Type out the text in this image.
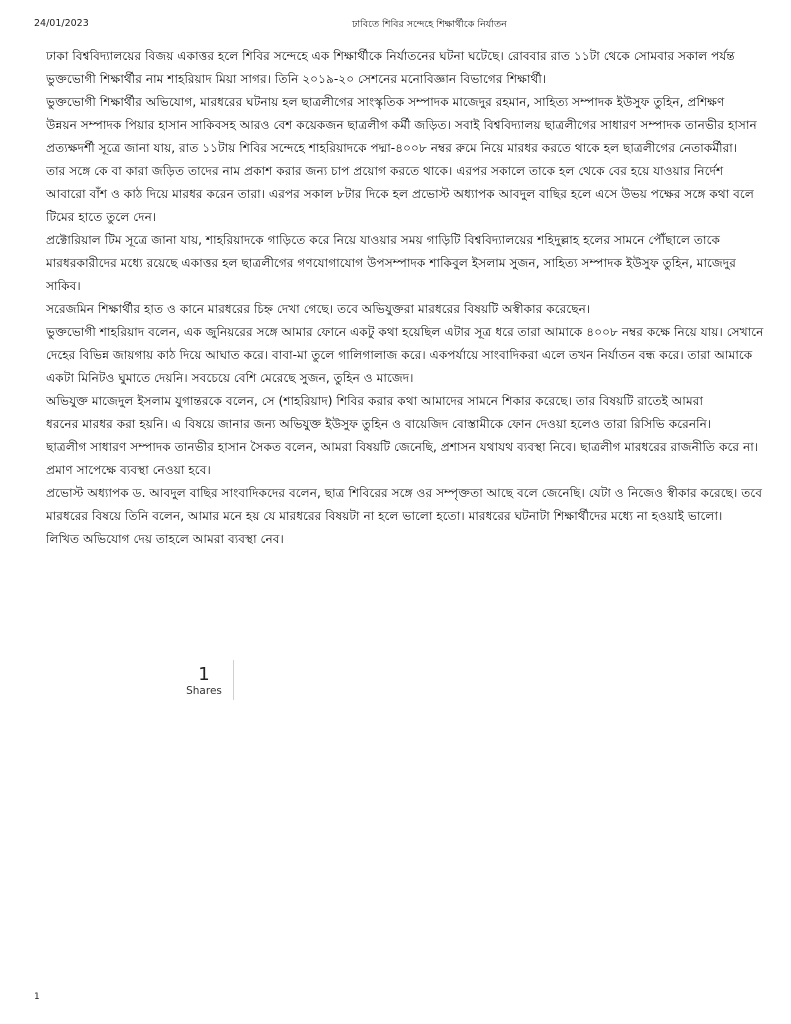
24/01/2023	ঢাবিতে শিবির সন্দেহে শিক্ষার্থীকে নির্যাতন

ঢাকা বিশ্ববিদ্যালয়ের বিজয় একাত্তর হলে শিবির সন্দেহে এক শিক্ষার্থীকে নির্যাতনের ঘটনা ঘটেছে। রোববার রাত ১১টা থেকে সোমবার সকাল পর্যন্ত
ভুক্তভোগী শিক্ষার্থীর নাম শাহরিয়াদ মিয়া সাগর। তিনি ২০১৯-২০ সেশনের মনোবিজ্ঞান বিভাগের শিক্ষার্থী।

ভুক্তভোগী শিক্ষার্থীর অভিযোগ, মারধরের ঘটনায় হল ছাত্রলীগের সাংস্কৃতিক সম্পাদক মাজেদুর রহমান, সাহিত্য সম্পাদক ইউসুফ তুহিন, প্রশিক্ষণ
উন্নয়ন সম্পাদক পিয়ার হাসান সাকিবসহ আরও বেশ কয়েকজন ছাত্রলীগ কর্মী জড়িত। সবাই বিশ্ববিদ্যালয় ছাত্রলীগের সাধারণ সম্পাদক তানভীর হাসান
প্রত্যক্ষদর্শী সূত্রে জানা যায়, রাত ১১টায় শিবির সন্দেহে শাহরিয়াদকে পদ্মা-৪০০৮ নম্বর রুমে নিয়ে মারধর করতে থাকে হল ছাত্রলীগের নেতাকর্মীরা।
তার সঙ্গে কে বা কারা জড়িত তাদের নাম প্রকাশ করার জন্য চাপ প্রয়োগ করতে থাকে। এরপর সকালে তাকে হল থেকে বের হয়ে যাওয়ার নির্দেশ
আবারো বাঁশ ও কাঠ দিয়ে মারধর করেন তারা। এরপর সকাল ৮টার দিকে হল প্রভোস্ট অধ্যাপক আবদুল বাছির হলে এসে উভয় পক্ষের সঙ্গে কথা বলে
টিমের হাতে তুলে দেন।

প্রক্টোরিয়াল টিম সূত্রে জানা যায়, শাহরিয়াদকে গাড়িতে করে নিয়ে যাওয়ার সময় গাড়িটি বিশ্ববিদ্যালয়ের শহিদুল্লাহ হলের সামনে পৌঁছালে তাকে
মারধরকারীদের মধ্যে রয়েছে একাত্তর হল ছাত্রলীগের গণযোগাযোগ উপসম্পাদক শাকিবুল ইসলাম সুজন, সাহিত্য সম্পাদক ইউসুফ তুহিন, মাজেদুর
সাকিব।

সরেজমিন শিক্ষার্থীর হাত ও কানে মারধরের চিহ্ন দেখা গেছে। তবে অভিযুক্তরা মারধরের বিষয়টি অস্বীকার করেছেন।

ভুক্তভোগী শাহরিয়াদ বলেন, এক জুনিয়রের সঙ্গে আমার ফোনে একটু কথা হয়েছিল এটার সূত্র ধরে তারা আমাকে ৪০০৮ নম্বর কক্ষে নিয়ে যায়। সেখানে
দেহের বিভিন্ন জায়গায় কাঠ দিয়ে আঘাত করে। বাবা-মা তুলে গালিগালাজ করে। একপর্যায়ে সাংবাদিকরা এলে তখন নির্যাতন বন্ধ করে। তারা আমাকে
একটা মিনিটও ঘুমাতে দেয়নি। সবচেয়ে বেশি মেরেছে সুজন, তুহিন ও মাজেদ।

অভিযুক্ত মাজেদুল ইসলাম যুগান্তরকে বলেন, সে (শাহরিয়াদ) শিবির করার কথা আমাদের সামনে শিকার করেছে। তার বিষয়টি রাতেই আমরা
ধরনের মারধর করা হয়নি। এ বিষয়ে জানার জন্য অভিযুক্ত ইউসুফ তুহিন ও বায়েজিদ বোস্তামীকে ফোন দেওয়া হলেও তারা রিসিভি করেননি।

ছাত্রলীগ সাধারণ সম্পাদক তানভীর হাসান সৈকত বলেন, আমরা বিষয়টি জেনেছি, প্রশাসন যথাযথ ব্যবস্থা নিবে। ছাত্রলীগ মারধরের রাজনীতি করে না।
প্রমাণ সাপেক্ষে ব্যবস্থা নেওয়া হবে।

প্রভোস্ট অধ্যাপক ড. আবদুল বাছির সাংবাদিকদের বলেন, ছাত্র শিবিরের সঙ্গে ওর সম্পৃক্ততা আছে বলে জেনেছি। যেটা ও নিজেও স্বীকার করেছে। তবে
মারধরের বিষয়ে তিনি বলেন, আমার মনে হয় যে মারধরের বিষয়টা না হলে ভালো হতো। মারধরের ঘটনাটা শিক্ষার্থীদের মধ্যে না হওয়াই ভালো।
লিখিত অভিযোগ দেয় তাহলে আমরা ব্যবস্থা নেব।

1
Shares
1
